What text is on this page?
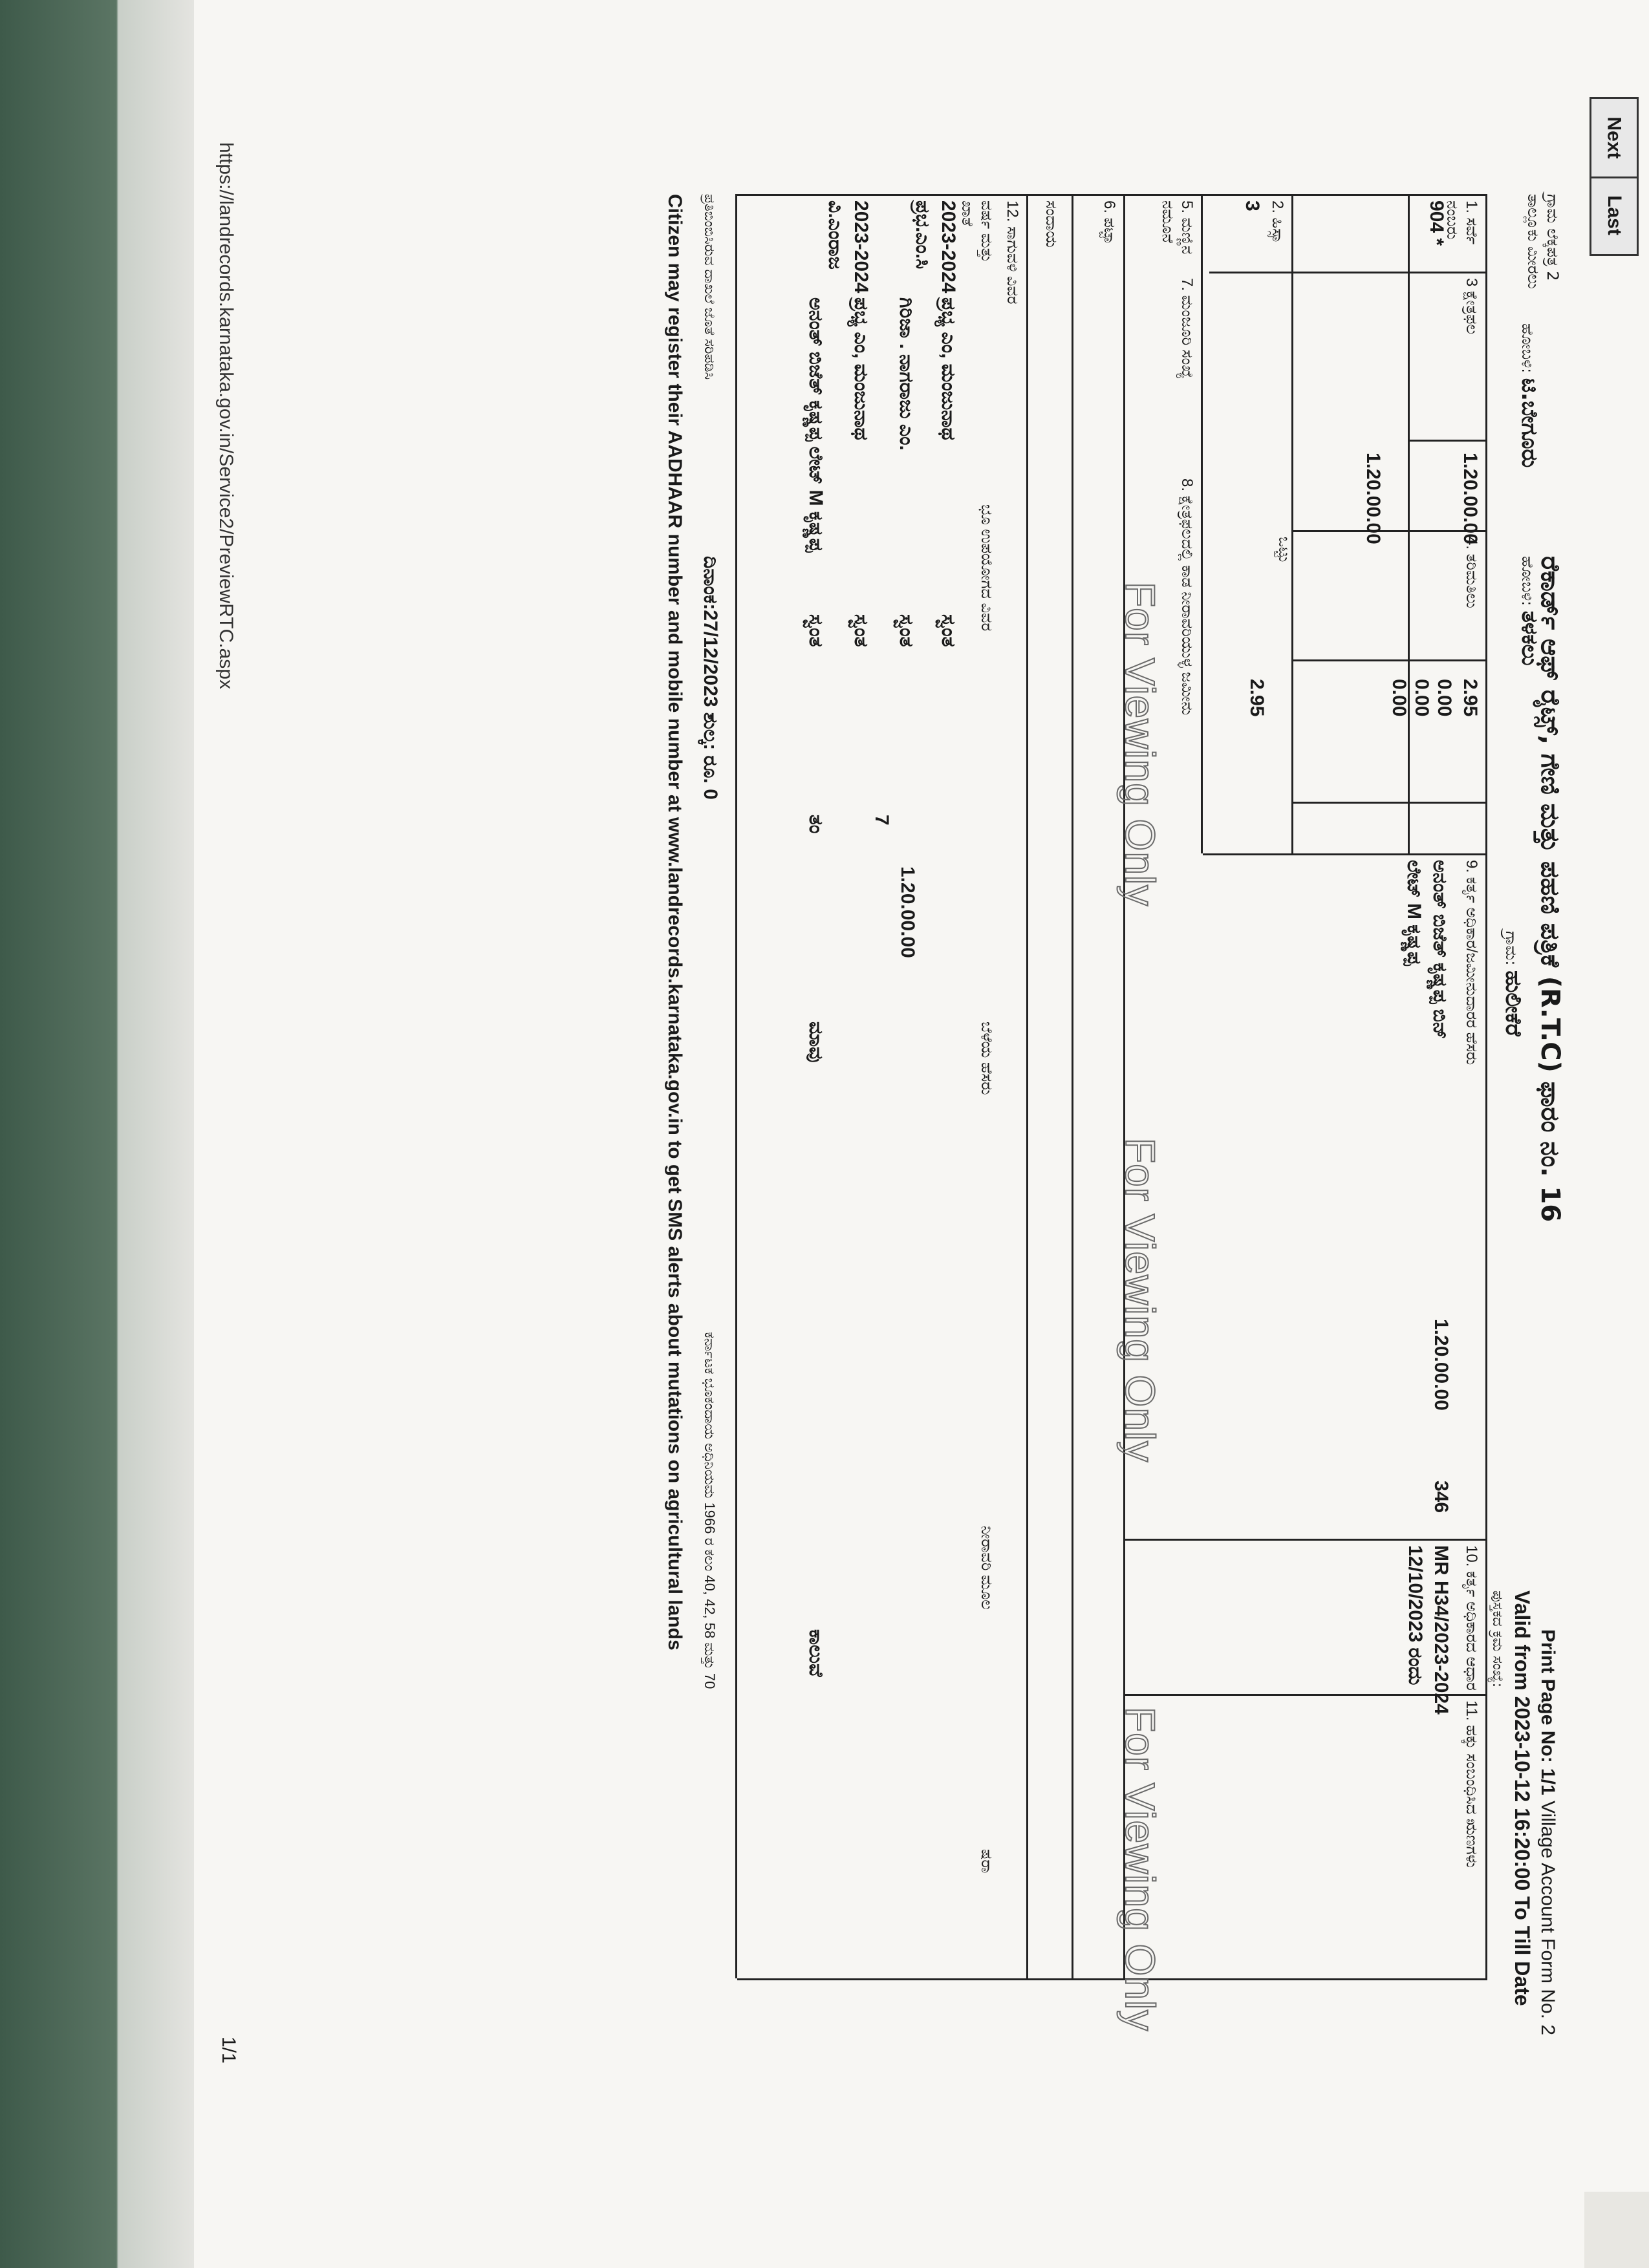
Last
Next
https://landrecords.karnataka.gov.in/Service2/PreviewRTC.aspx
1/1
ಗ್ರಾಮ ಲೆಕ್ಕಪತ್ರ 2
ತಾಲ್ಲೂಕು ಮೀರಲು
ಹೋಬಳಿ: ಟಿ.ಬೇಗೂರು
ಹೋಬಳಿ: ತಳಕಲು
ರೆಕಾರ್ಡ್ ಆಫ್ ರೈಟ್ಸ್, ಗೇಣಿ ಮತ್ತು ಪಹಣಿ ಪತ್ರಿಕೆ (R.T.C) ಫಾರಂ ನಂ. 16
ಗ್ರಾಮ: ಹುಲೀಕೆರೆ
Print Page No: 1/1 Village Account Form No. 2
Valid from 2023-10-12 16:20:00 To Till Date
ಪುಸ್ತಕದ ಕ್ರಮ ಸಂಖ್ಯೆ:
1. ಸರ್ವೆ ನಂಬರು
3 ಕ್ಷೇತ್ರಫಲ
4. ತರಿಮತಿಲು
2. ಹಿಸ್ಸಾ
5. ಮಣ್ಣಿನ ನಮೂನೆ
7. ಮಂಜೂರಿ ಸಂಖ್ಯೆ
8. ಕ್ಷೇತ್ರಫಲದಲ್ಲಿ ಕಾಡ ನೀರಾವರಿಯುಳ್ಳ ಜಮೀನು
6. ಪಟ್ಟಾ
9. ಕರ್ತೃ ಅಧಿಕಾರ/ಜಮೀನುದಾರರ ಹೆಸರು
10. ಕರ್ತೃ ಅಧಿಕಾರದ ಆಧಾರ
11. ಹಕ್ಕು ಸಂಬಂಧಿಸಿದ ಋಣಗಳು
12. ಸಾಗುವಳಿ ವಿವರ
ವರ್ಷ ಮತ್ತು ಖಾತೆ
ಭೂ ಉಪಯೋಗದ ವಿವರ
ಬೆಳೆಯ ಹೆಸರು
ನೀರಾವರಿ ಮೂಲ
ಷರಾ
ಒಟ್ಟು
ಸಂದಾಯ	904 *
3
1.20.00.00
1.20.00.00
2.95
0.00
0.00
0.00
2.95
ಅನಂತ್ ಬಿಜೆತ್ ಕೃಷ್ಣಪ್ಪ ಬಿನ್
ಲೇಟ್ M ಕೃಷ್ಣಪ್ಪ
1.20.00.00
346
MR H34/2023-2024
12/10/2023 ರಂದು
2023-2024
ಪ್ರಭ.ಎಂ.ಸಿ
ಪ್ರಭ್ಯ ಎಂ, ಮಂಜುನಾಥ
ಸ್ವಂತ
ಗಿರಿಜಾ . ನಾಗರಾಜು ಎಂ.
ಸ್ವಂತ
1.20.00.00
7
2023-2024
ವಿ.ಎಂರಾಜ
ಪ್ರಭ್ಯ ಎಂ, ಮಂಜುನಾಥ
ಸ್ವಂತ
ಅನಂತ್ ಬಿಜೆತ್ ಕೃಷ್ಣಪ್ಪ ಲೇಟ್ M ಕೃಷ್ಣಪ್ಪ
ಸ್ವಂತ
ತಂ
ಮಾವು
ಕಾಲುವೆ
For Viewing Only
For Viewing Only
For Viewing Only
ಪ್ರತಿಬಿಂಬಿಸಿರುವ ದಾಖಲೆ ಜೊತೆ ಸರಿಪಡಿಸಿ
ದಿನಾಂಕ:27/12/2023 ಶುಲ್ಕ: ರೂ. 0
ಕರ್ನಾಟಕ ಭೂಕಂದಾಯ ಅಧಿನಿಯಮ 1966 ರ ಕಲಂ 40, 42, 58 ಮತ್ತು 70
Citizen may register their AADHAAR number and mobile number at www.landrecords.karnataka.gov.in to get SMS alerts about mutations on agricultural lands
